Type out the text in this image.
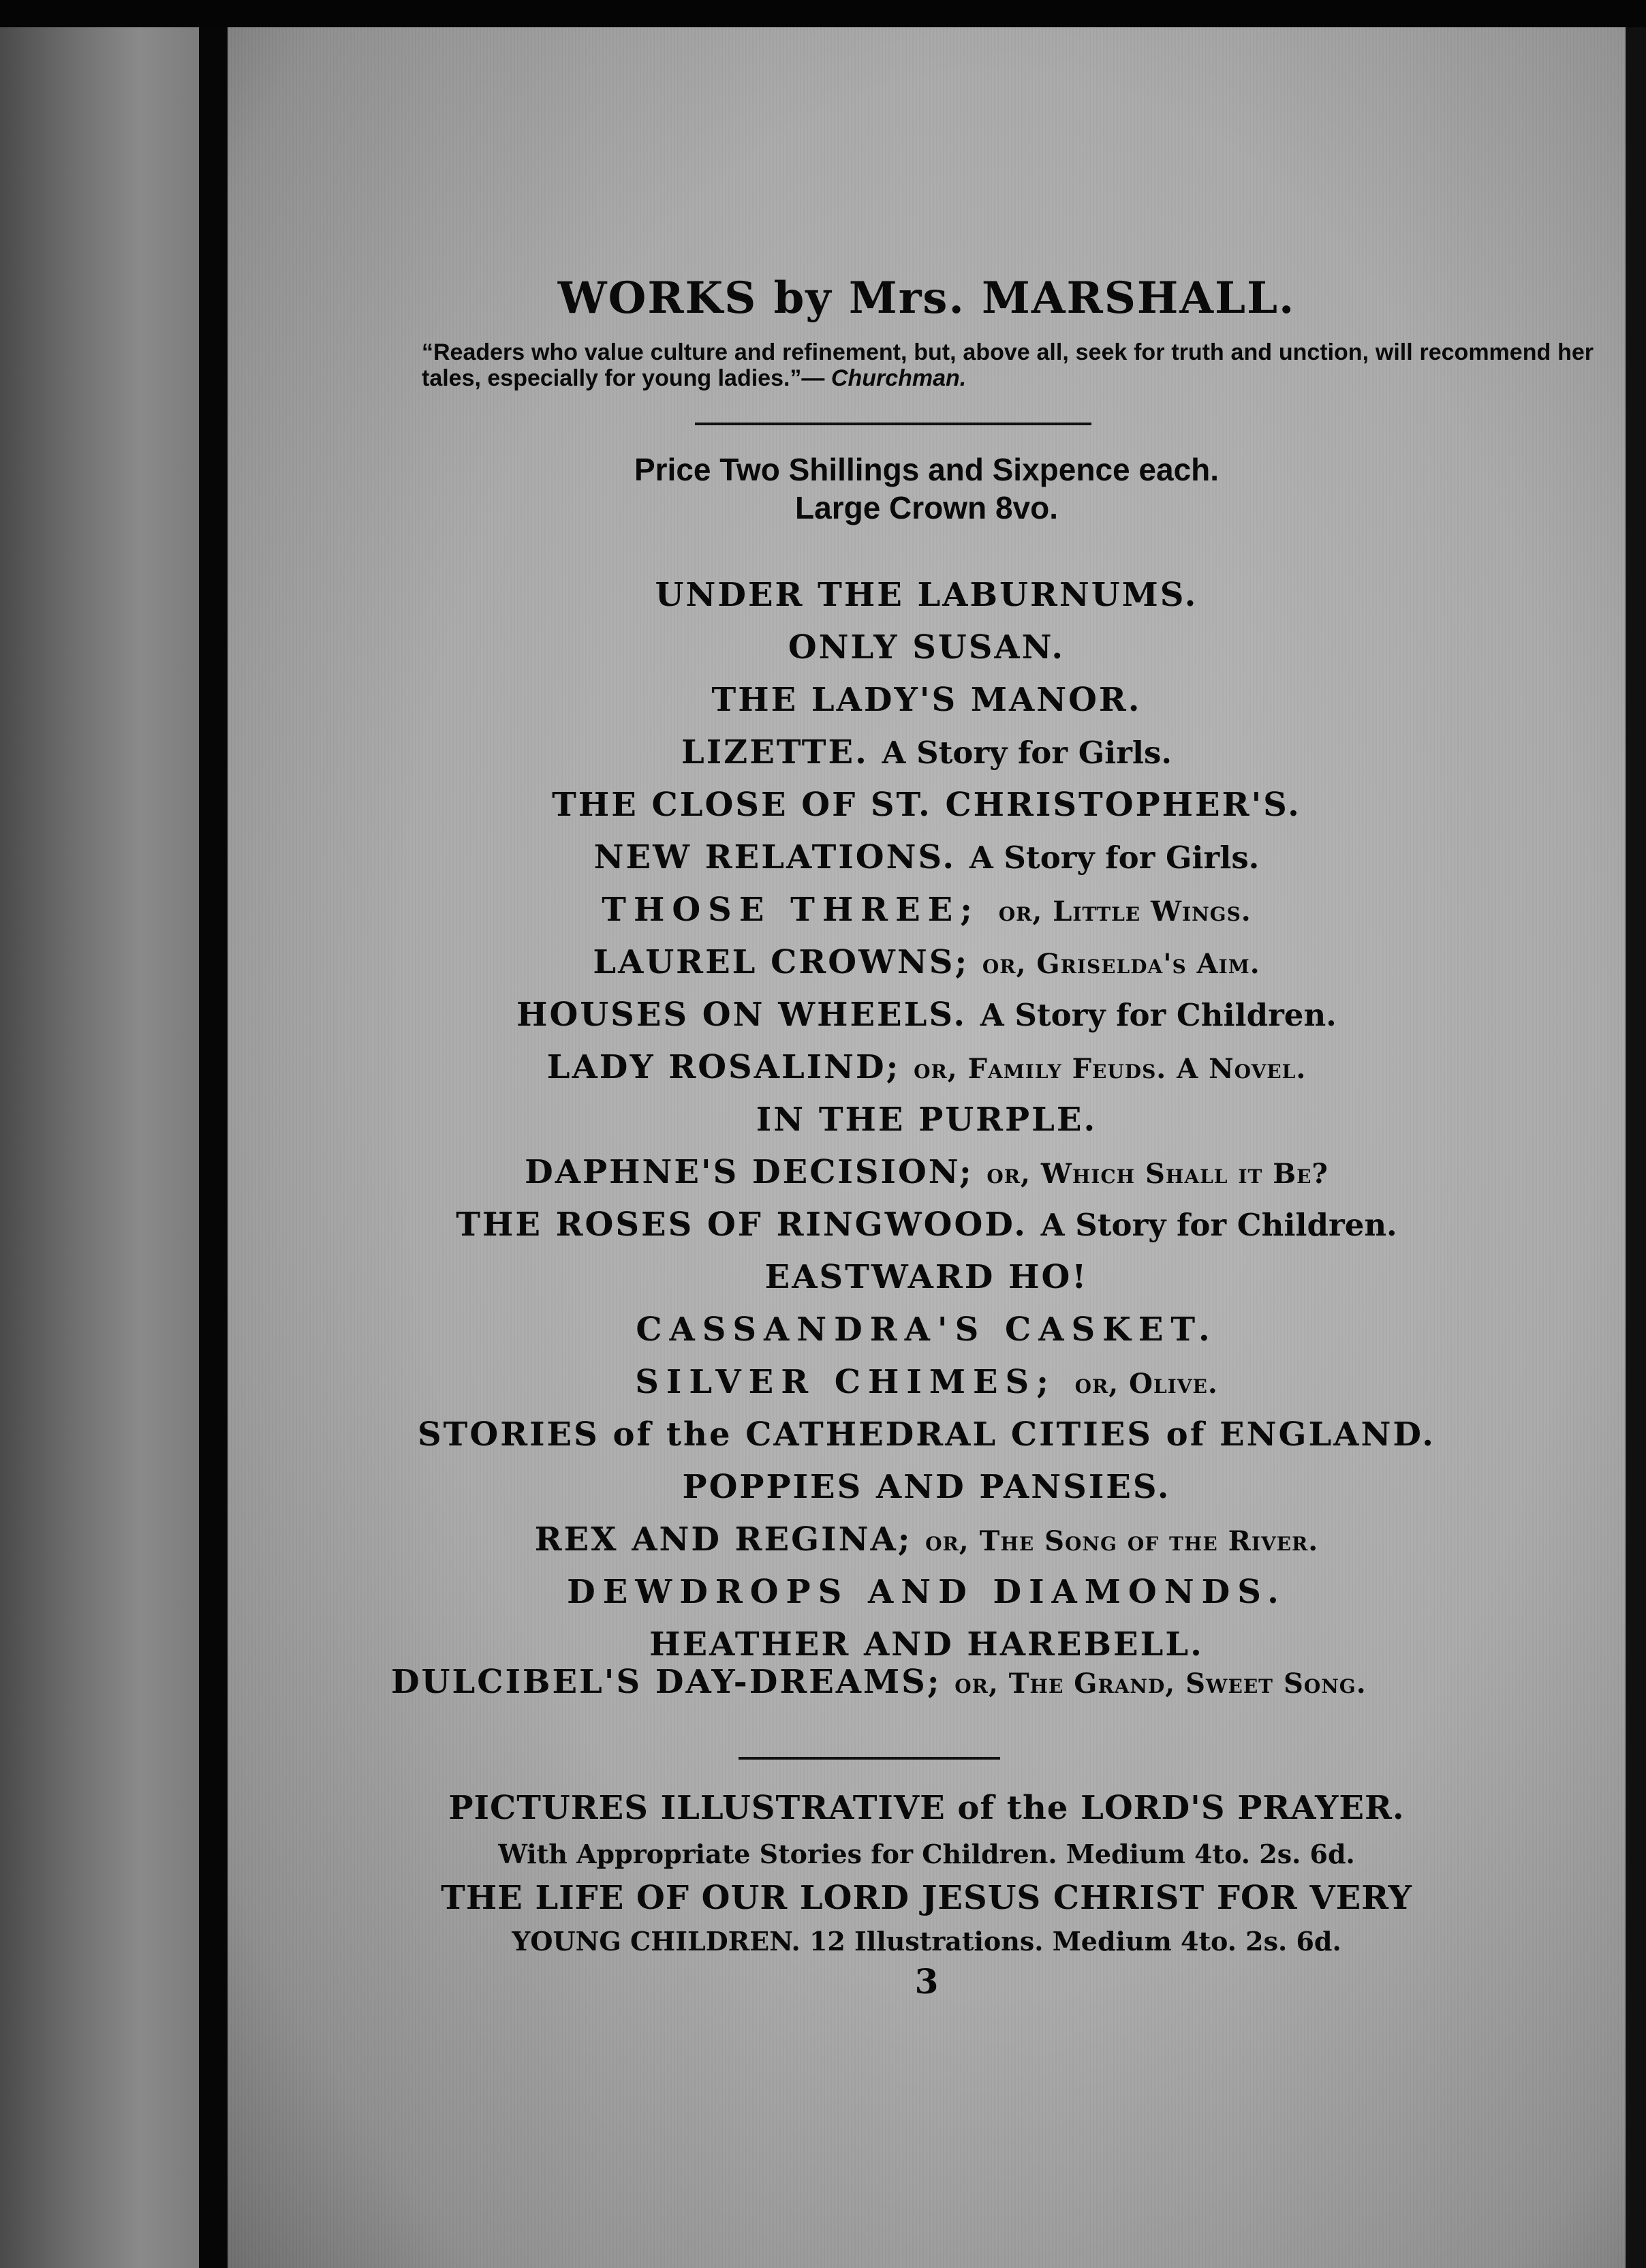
WORKS by Mrs. MARSHALL.
“Readers who value culture and refinement, but, above all, seek for truth and unction, will recommend her tales, especially for young ladies.”— Churchman.
Price Two Shillings and Sixpence each.
Large Crown 8vo.
UNDER THE LABURNUMS.
ONLY SUSAN.
THE LADY'S MANOR.
LIZETTE. A Story for Girls.
THE CLOSE OF ST. CHRISTOPHER'S.
NEW RELATIONS. A Story for Girls.
THOSE THREE; or, Little Wings.
LAUREL CROWNS; or, Griselda's Aim.
HOUSES ON WHEELS. A Story for Children.
LADY ROSALIND; or, Family Feuds. A Novel.
IN THE PURPLE.
DAPHNE'S DECISION; or, Which Shall it Be?
THE ROSES OF RINGWOOD. A Story for Children.
EASTWARD HO!
CASSANDRA'S CASKET.
SILVER CHIMES; or, Olive.
STORIES of the CATHEDRAL CITIES of ENGLAND.
POPPIES AND PANSIES.
REX AND REGINA; or, The Song of the River.
DEWDROPS AND DIAMONDS.
HEATHER AND HAREBELL.
DULCIBEL'S DAY-DREAMS; or, The Grand, Sweet Song.
PICTURES ILLUSTRATIVE of the LORD'S PRAYER.
With Appropriate Stories for Children. Medium 4to. 2s. 6d.
THE LIFE OF OUR LORD JESUS CHRIST FOR VERY
YOUNG CHILDREN. 12 Illustrations. Medium 4to. 2s. 6d.
3
